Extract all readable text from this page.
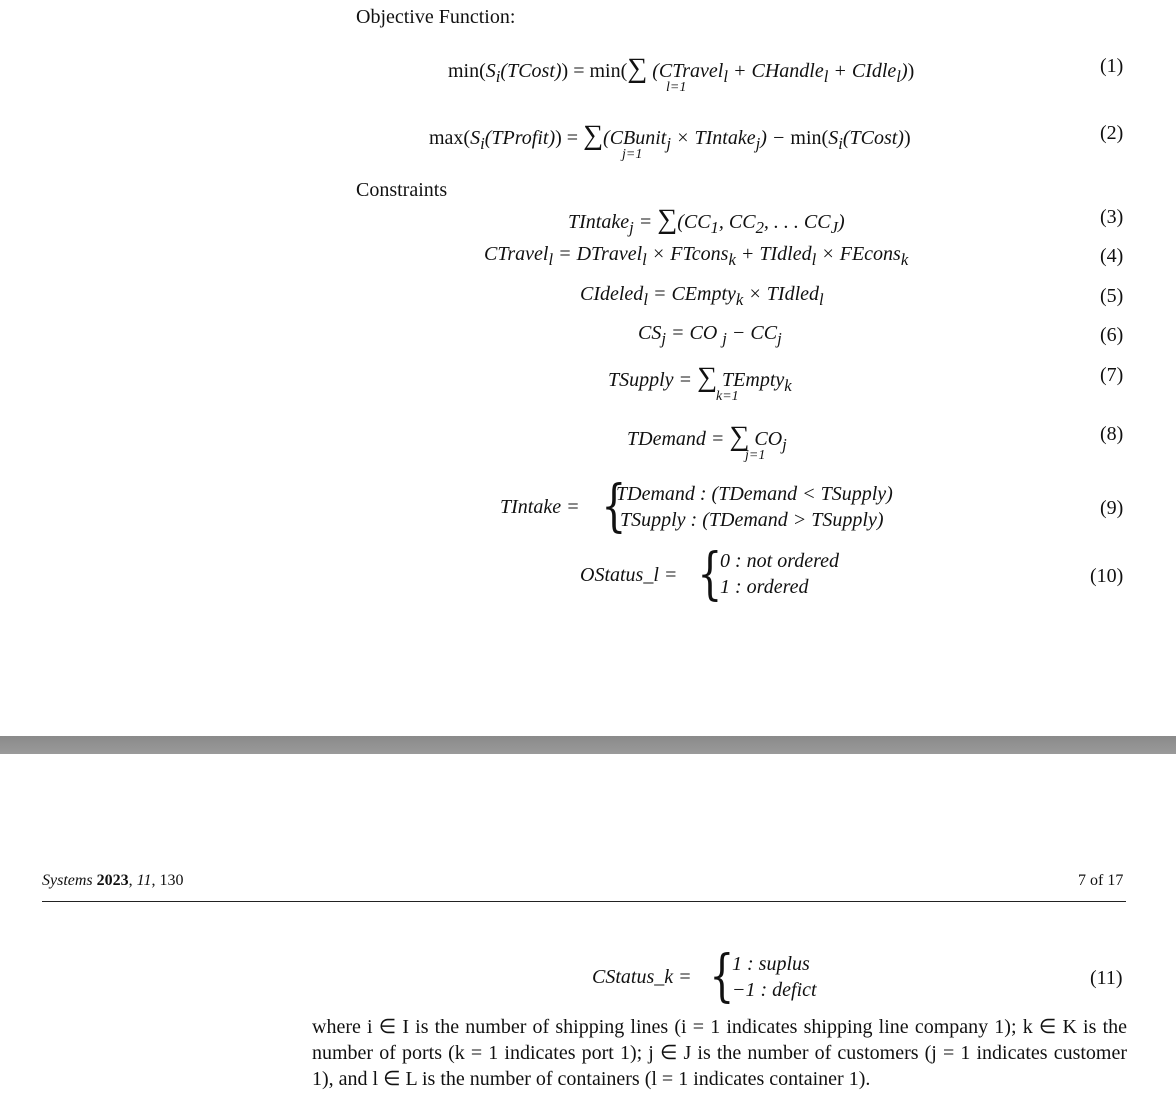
Objective Function:
$\min(S_i(TCost)) = \min(\sum$ (CTravel$_l$ + CHandle$_l$ + CIdle$_l$))
l=1
(1)
$\max(S_i(TProfit))$ = ∑(CBunit$_j$ × TIntake$_j$) − $\min(S_i(TCost))$
j=1
(2)
Constraints
TIntake$_j$ = $\sum(CC_1$, $CC_2$, . . . $CC_J$)	(3)
CTravel$_l$ = DTravel$_l$ × FTcons$_k$ + TIdled$_l$ × FEcons$_k$	(4)
CIdeled$_l$ = CEmpty$_k$ × TIdled$_l$	(5)
$CS_j$ = CO $_j - CC_j$	(6)
TSupply = ∑ TEmpty$_k$
k=1
(7)
TDemand = ∑ $CO_j$
j=1
(8)
TIntake = {
TDemand : (TDemand < TSupply)
TSupply : (TDemand > TSupply)
(9)
OStatus_l = {
0 : not ordered
1 : ordered	(10)
Systems 2023, 11, 130	7 of 17
CStatus_k = {
1 : suplus
−1 : defict
(11)
where i ∈ I is the number of shipping lines (i = 1 indicates shipping line company 1); k ∈ K is the number of ports (k = 1 indicates port 1); j ∈ J is the number of customers (j = 1 indicates customer 1), and l ∈ L is the number of containers (l = 1 indicates container 1).
